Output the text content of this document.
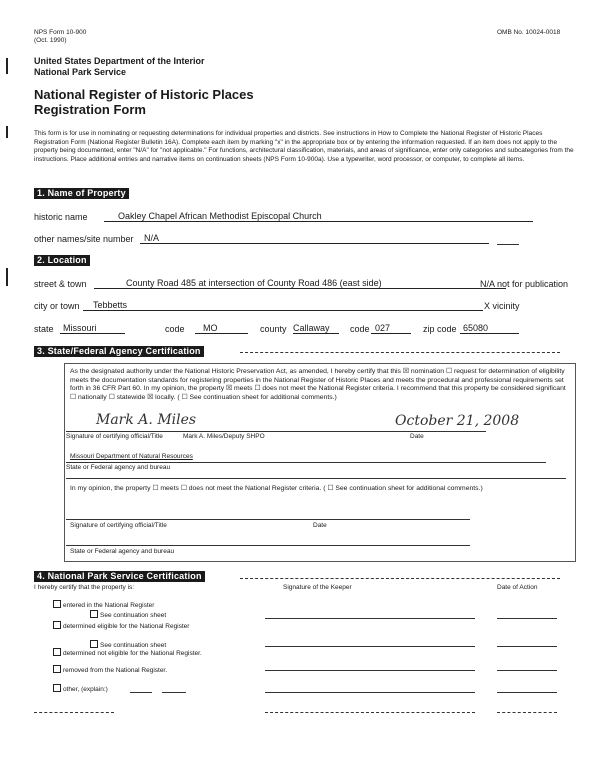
NPS Form 10-900
(Oct. 1990)
OMB No. 10024-0018
United States Department of the Interior
National Park Service
National Register of Historic Places
Registration Form
This form is for use in nominating or requesting determinations for individual properties and districts. See instructions in How to Complete the National Register of Historic Places Registration Form (National Register Bulletin 16A). Complete each item by marking "x" in the appropriate box or by entering the information requested. If an item does not apply to the property being documented, enter "N/A" for "not applicable." For functions, architectural classification, materials, and areas of significance, enter only categories and subcategories from the instructions. Place additional entries and narrative items on continuation sheets (NPS Form 10-900a). Use a typewriter, word processor, or computer, to complete all items.
1. Name of Property
historic name	Oakley Chapel African Methodist Episcopal Church
other names/site number	N/A
2. Location
street & town	County Road 485 at intersection of County Road 486 (east side)	N/A not for publication
city or town	Tebbetts	X vicinity
state	Missouri	code	MO	county Callaway	code 027	zip code 65080
3. State/Federal Agency Certification
As the designated authority under the National Historic Preservation Act, as amended, I hereby certify that this ☒ nomination ☐ request for determination of eligibility meets the documentation standards for registering properties in the National Register of Historic Places and meets the procedural and professional requirements set forth in 36 CFR Part 60. In my opinion, the property ☒ meets ☐ does not meet the National Register criteria. I recommend that this property be considered significant ☐ nationally ☐ statewide ☒ locally. ( ☐ See continuation sheet for additional comments.)
Mark A. Miles	October 21, 2008
Signature of certifying official/Title	Mark A. Miles/Deputy SHPO	Date
Missouri Department of Natural Resources
State or Federal agency and bureau
In my opinion, the property ☐ meets ☐ does not meet the National Register criteria. ( ☐ See continuation sheet for additional comments.)
Signature of certifying official/Title	Date
State or Federal agency and bureau
4. National Park Service Certification
I hereby certify that the property is:	Signature of the Keeper	Date of Action
entered in the National Register
See continuation sheet
determined eligible for the National Register
See continuation sheet
determined not eligible for the National Register.
removed from the National Register.
other, (explain:)
